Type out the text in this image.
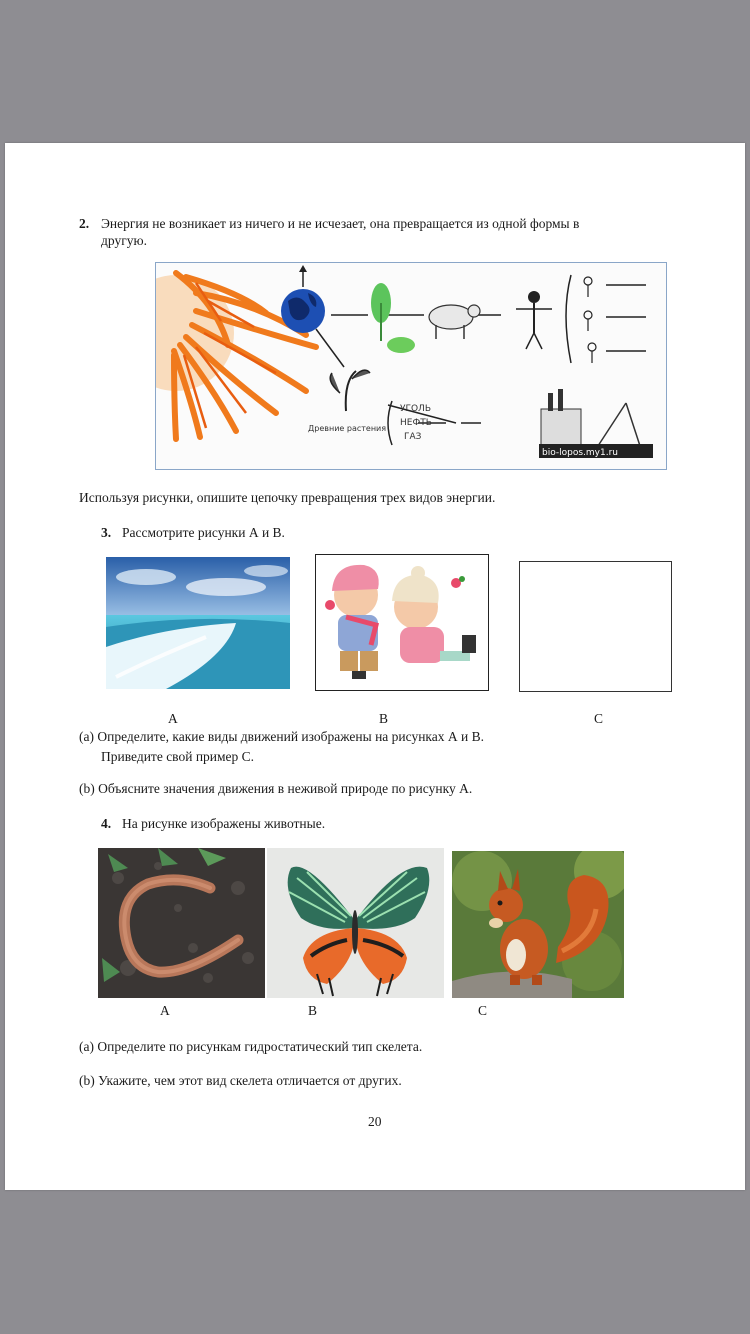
2. Энергия не возникает из ничего и не исчезает, она превращается из одной формы в
другую.
Древние растения
УГОЛЬ
НЕФТЬ
ГАЗ
bio-lopos.my1.ru
Используя рисунки, опишите цепочку превращения трех видов энергии.
3. Рассмотрите рисунки А и В.
А	В	С
(a) Определите, какие виды движений изображены на рисунках А и В.
Приведите свой пример С.
(b) Объясните значения движения в неживой природе по рисунку А.
4. На рисунке изображены животные.
А	В	С
(a) Определите по рисункам гидростатический тип скелета.
(b) Укажите, чем этот вид скелета отличается от других.
20
